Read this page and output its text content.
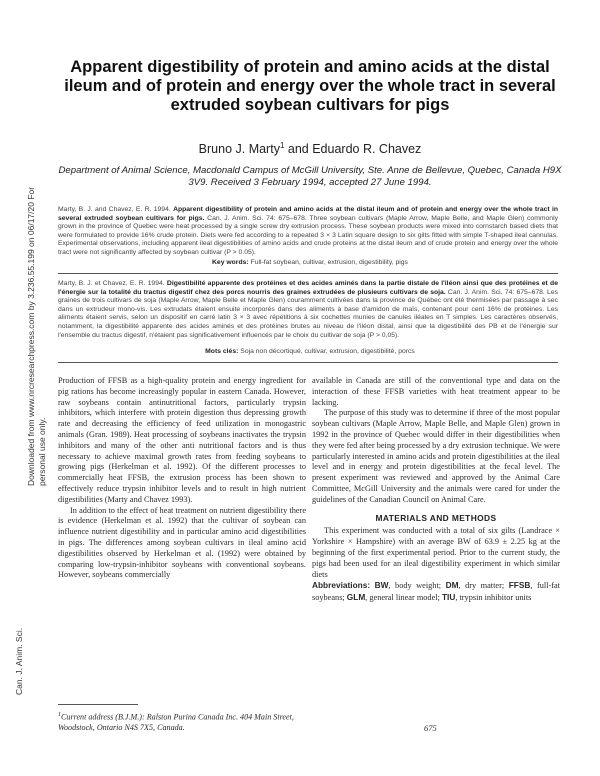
Downloaded from www.nrcresearchpress.com by 3.236.55.199 on 06/17/20 For personal use only.
Can. J. Anim. Sci.
Apparent digestibility of protein and amino acids at the distal ileum and of protein and energy over the whole tract in several extruded soybean cultivars for pigs
Bruno J. Marty$^1$ and Eduardo R. Chavez
Department of Animal Science, Macdonald Campus of McGill University, Ste. Anne de Bellevue, Quebec, Canada H9X 3V9. Received 3 February 1994, accepted 27 June 1994.
Marty, B. J. and Chavez, E. R. 1994. Apparent digestibility of protein and amino acids at the distal ileum and of protein and energy over the whole tract in several extruded soybean cultivars for pigs. Can. J. Anim. Sci. 74: 675–678. Three soybean cultivars (Maple Arrow, Maple Belle, and Maple Glen) commonly grown in the province of Quebec were heat processed by a single screw dry extrusion process. These soybean products were mixed into cornstarch based diets that were formulated to provide 16% crude protein. Diets were fed according to a repeated 3 × 3 Latin square design to six gilts fitted with simple T-shaped ileal cannulas. Experimental observations, including apparent ileal digestibilities of amino acids and crude proteins at the distal ileum and of crude protein and energy over the whole tract were not significantly affected by soybean cultivar (P > 0.05).
Key words: Full-fat soybean, cultivar, extrusion, digestibility, pigs
Marty, B. J. et Chavez, E. R. 1994. Digestibilité apparente des protéines et des acides aminés dans la partie distale de l'iléon ainsi que des protéines et de l'énergie sur la totalité du tractus digestif chez des porcs nourris des graines extrudées de plusieurs cultivars de soja. Can. J. Anim. Sci. 74: 675–678. Les graines de trois cultivars de soja (Maple Arrow, Maple Belle et Maple Glen) couramment cultivées dans la province de Québec ont été thermisées par passage à sec dans un extrudeur mono-vis. Les extrudats étaient ensuite incorporés dans des aliments à base d'amidon de maïs, contenant pour cent 16% de protéines. Les aliments étaient servis, selon un dispositif en carré latin 3 × 3 avec répétitions à six cochettes munies de canules iléales en T simples. Les caractères observés, notamment, la digestibilité apparente des acides aminés et des protéines brutes au niveau de l'iléon distal, ainsi que la digestibilité des PB et de l'énergie sur l'ensemble du tractus digestif, n'étaient pas significativement influencés par le choix du cultivar de soja (P > 0,05).
Mots clés: Soja non décortiqué, cultivar, extrusion, digestibilité, porcs

Production of FFSB as a high-quality protein and energy ingredient for pig rations has become increasingly popular in eastern Canada. However, raw soybeans contain antinutritional factors, particularly trypsin inhibitors, which interfere with protein digestion thus depressing growth rate and decreasing the efficiency of feed utilization in monogastric animals (Gran. 1989). Heat processing of soybeans inactivates the trypsin inhibitors and many of the other anti nutritional factors and is thus necessary to achieve maximal growth rates from feeding soybeans to growing pigs (Herkelman et al. 1992). Of the different processes to commercially heat FFSB, the extrusion process has been shown to effectively reduce trypsin inhibitor levels and to result in high nutrient digestibilities (Marty and Chavez 1993).

In addition to the effect of heat treatment on nutrient digestibility there is evidence (Herkelman et al. 1992) that the cultivar of soybean can influence nutrient digestibility and in particular amino acid digestibilities in pigs. The differences among soybean cultivars in ileal amino acid digestibilities observed by Herkelman et al. (1992) were obtained by comparing low-trypsin-inhibitor soybeans with conventional soybeans. However, soybeans commercially

available in Canada are still of the conventional type and data on the interaction of these FFSB varieties with heat treatment appear to be lacking.

The purpose of this study was to determine if three of the most popular soybean cultivars (Maple Arrow, Maple Belle, and Maple Glen) grown in 1992 in the province of Quebec would differ in their digestibilities when they were fed after being processed by a dry extrusion technique. We were particularly interested in amino acids and protein digestibilities at the ileal level and in energy and protein digestibilities at the fecal level. The present experiment was reviewed and approved by the Animal Care Committee, McGill University and the animals were cared for under the guidelines of the Canadian Council on Animal Care.

MATERIALS AND METHODS

This experiment was conducted with a total of six gilts (Landrace × Yorkshire × Hampshire) with an average BW of 63.9 ± 2.25 kg at the beginning of the first experimental period. Prior to the current study, the pigs had been used for an ileal digestibility experiment in which similar diets

Abbreviations: BW, body weight; DM, dry matter; FFSB, full-fat soybeans; GLM, general linear model; TIU, trypsin inhibitor units

$^1$Current address (B.J.M.): Ralston Purina Canada Inc. 404 Main Street, Woodstock, Ontario N4S 7X5, Canada.	675
